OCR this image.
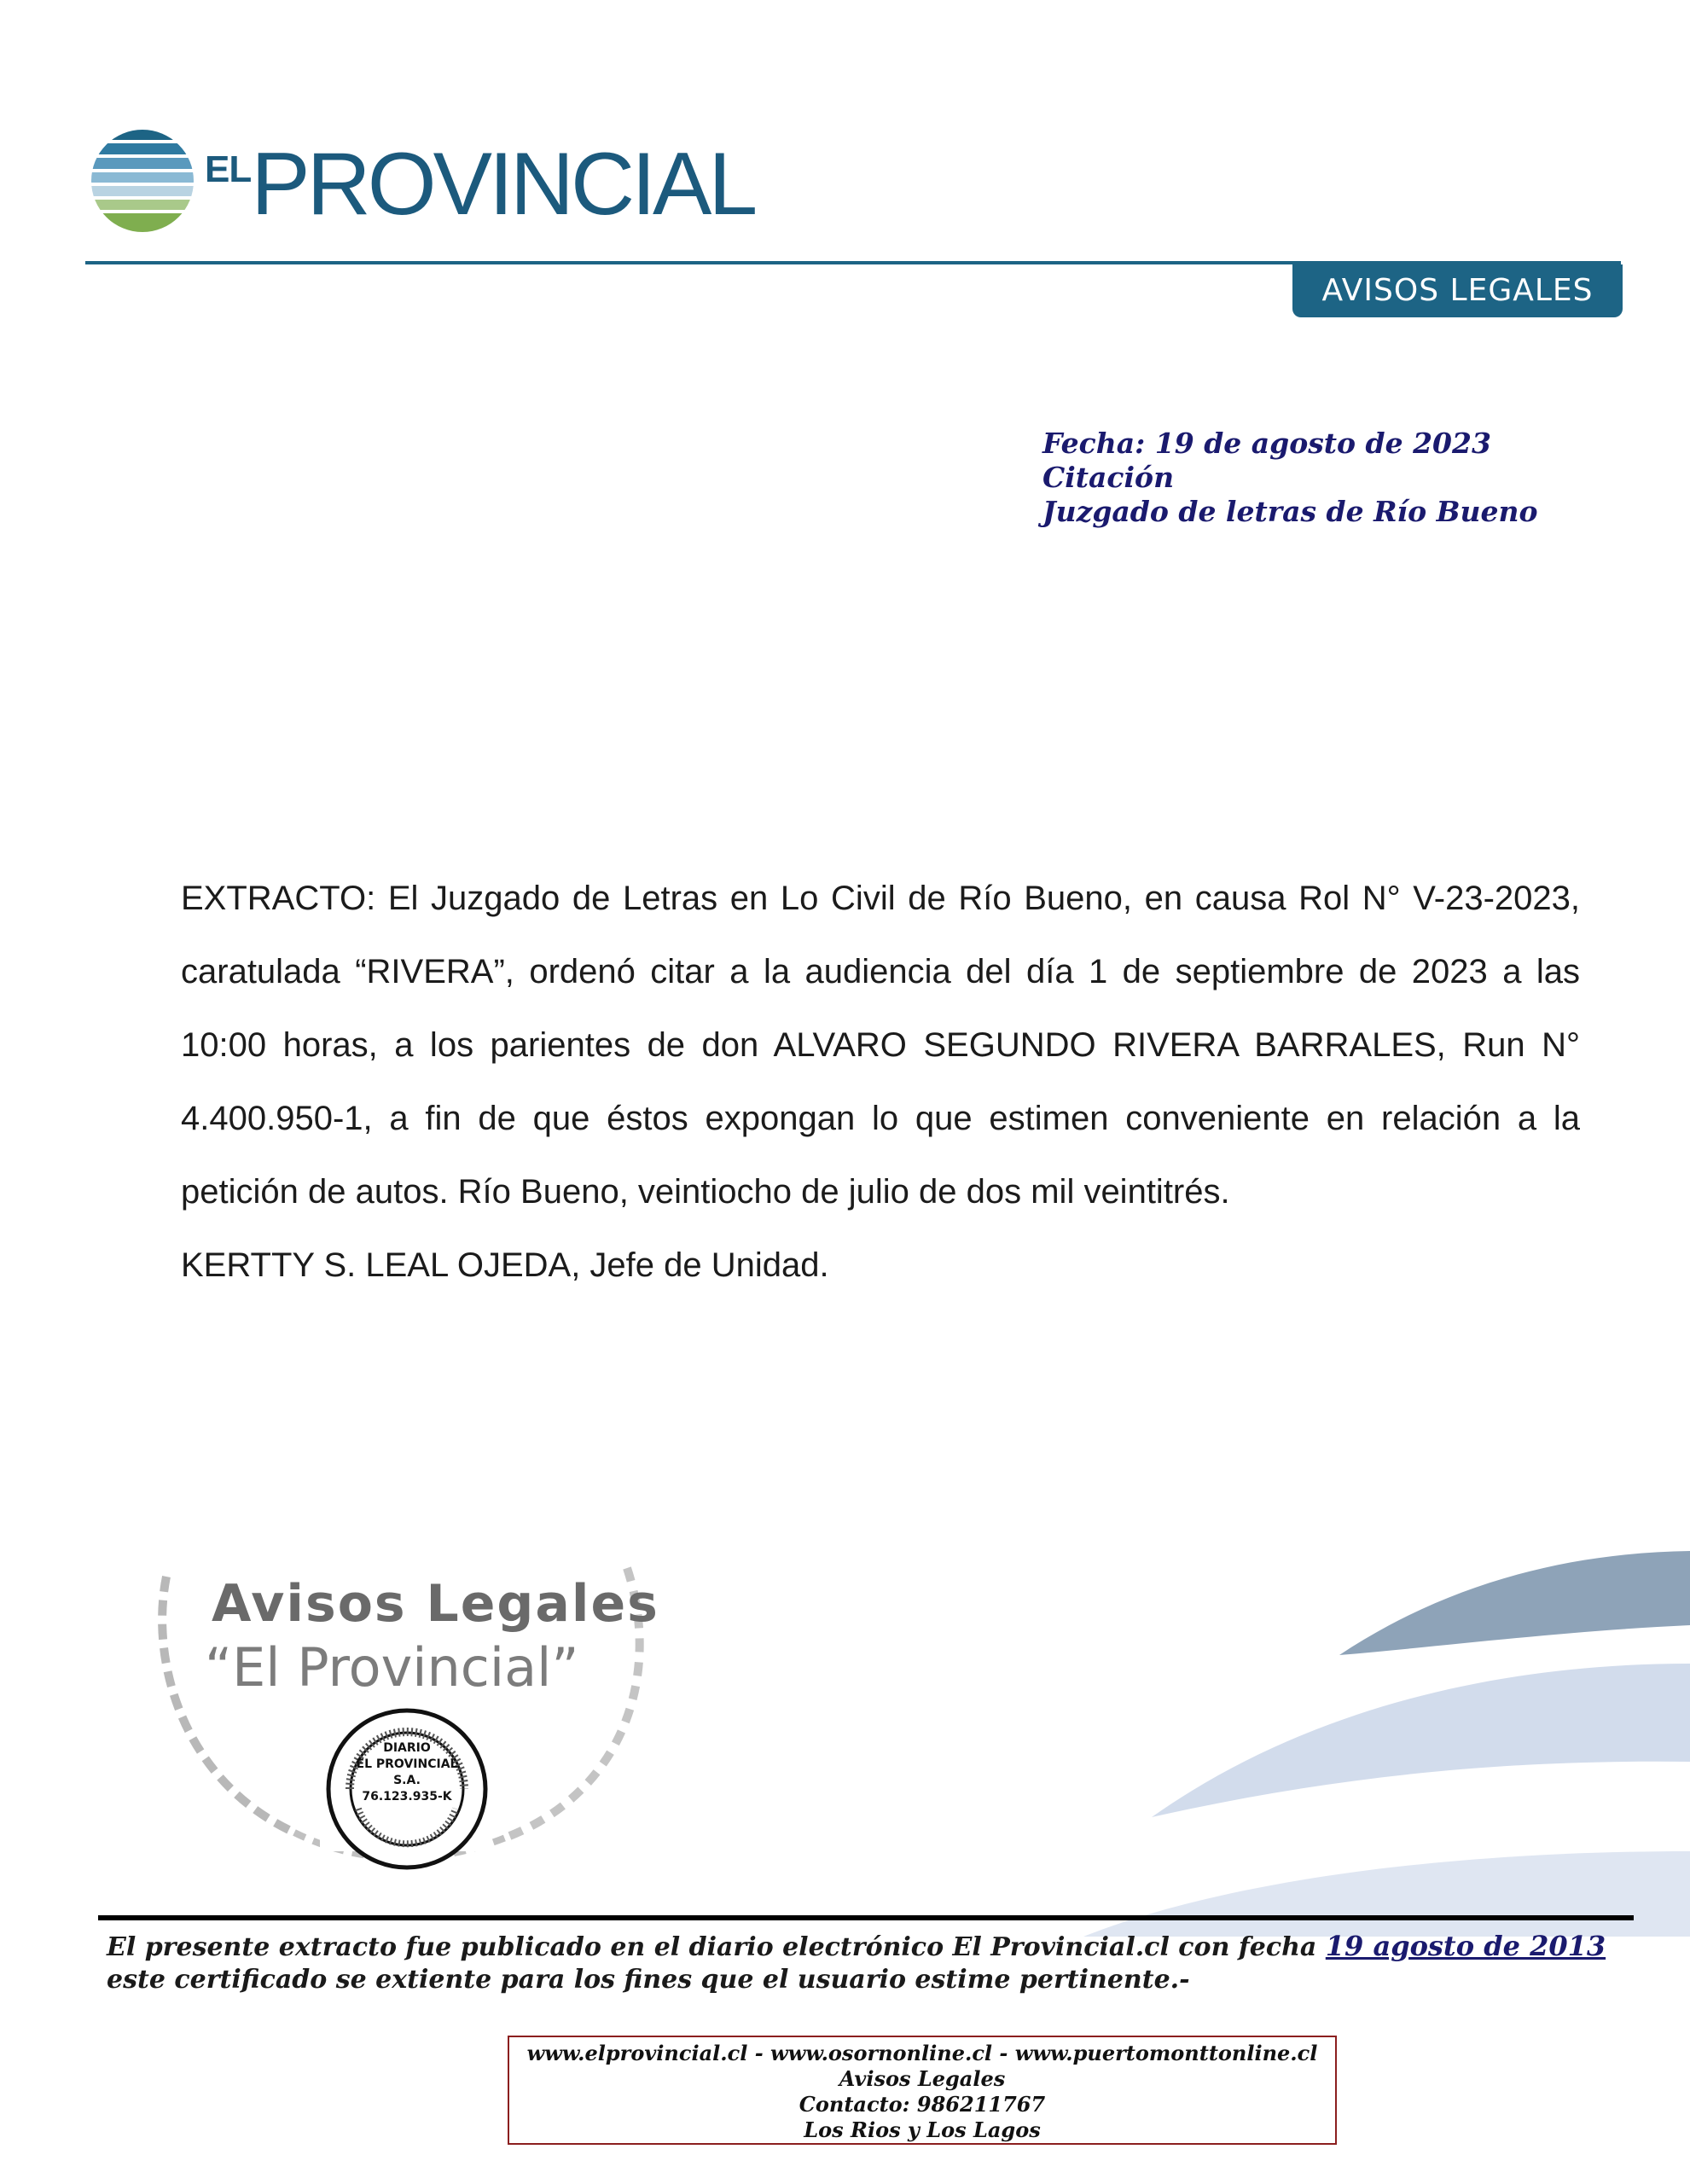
ELPROVINCIAL
AVISOS LEGALES
Fecha: 19 de agosto de 2023
Citación
Juzgado de letras de Río Bueno

EXTRACTO: El Juzgado de Letras en Lo Civil de Río Bueno, en causa Rol N° V-23-2023, caratulada “RIVERA”, ordenó citar a la audiencia del día 1 de septiembre de 2023 a las 10:00 horas, a los parientes de don ALVARO SEGUNDO RIVERA BARRALES, Run N° 4.400.950-1, a fin de que éstos expongan lo que estimen conveniente en relación a la petición de autos. Río Bueno, veintiocho de julio de dos mil veintitrés.

KERTTY S. LEAL OJEDA, Jefe de Unidad.

Avisos Legales
“El Provincial”
DIARIO
EL PROVINCIAL
S.A.
76.123.935-K
El presente extracto fue publicado en el diario electrónico El Provincial.cl con fecha 19 agosto de 2013 este certificado se extiente para los fines que el usuario estime pertinente.-
www.elprovincial.cl - www.osornonline.cl - www.puertomonttonline.cl
Avisos Legales
Contacto: 986211767
Los Rios y Los Lagos
